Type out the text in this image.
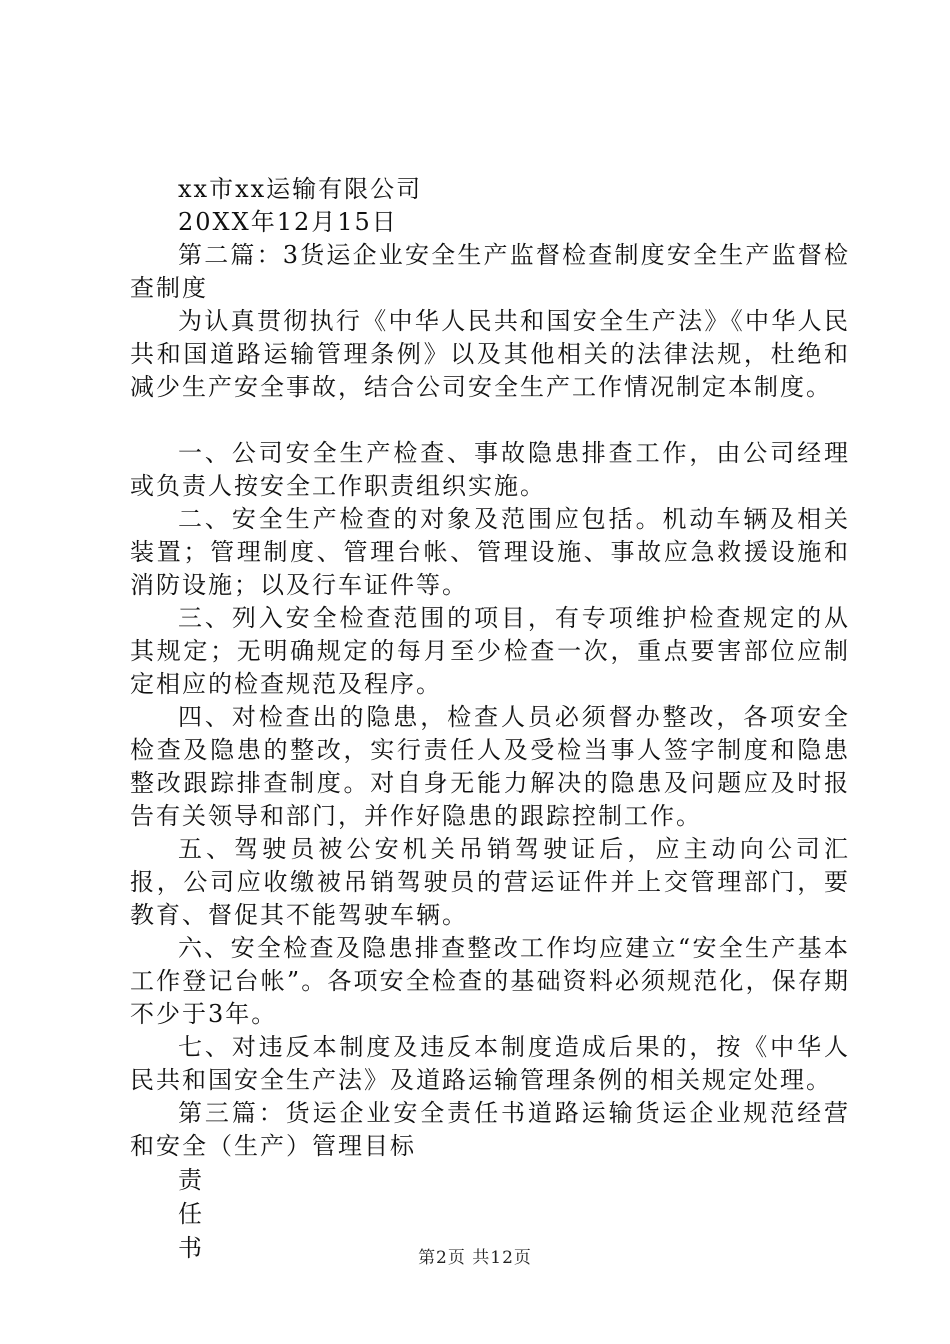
xx市xx运输有限公司

20XX年12月15日

第二篇：3货运企业安全生产监督检查制度安全生产监督检查制度

为认真贯彻执行《中华人民共和国安全生产法》《中华人民共和国道路运输管理条例》以及其他相关的法律法规，杜绝和减少生产安全事故，结合公司安全生产工作情况制定本制度。

一、公司安全生产检查、事故隐患排查工作，由公司经理或负责人按安全工作职责组织实施。

二、安全生产检查的对象及范围应包括。机动车辆及相关装置；管理制度、管理台帐、管理设施、事故应急救援设施和消防设施；以及行车证件等。

三、列入安全检查范围的项目，有专项维护检查规定的从其规定；无明确规定的每月至少检查一次，重点要害部位应制定相应的检查规范及程序。

四、对检查出的隐患，检查人员必须督办整改，各项安全检查及隐患的整改，实行责任人及受检当事人签字制度和隐患整改跟踪排查制度。对自身无能力解决的隐患及问题应及时报告有关领导和部门，并作好隐患的跟踪控制工作。

五、驾驶员被公安机关吊销驾驶证后，应主动向公司汇报，公司应收缴被吊销驾驶员的营运证件并上交管理部门，要教育、督促其不能驾驶车辆。

六、安全检查及隐患排查整改工作均应建立“安全生产基本工作登记台帐”。各项安全检查的基础资料必须规范化，保存期不少于3年。

七、对违反本制度及违反本制度造成后果的，按《中华人民共和国安全生产法》及道路运输管理条例的相关规定处理。

第三篇：货运企业安全责任书道路运输货运企业规范经营和安全（生产）管理目标

责

任

书	第2页 共12页
